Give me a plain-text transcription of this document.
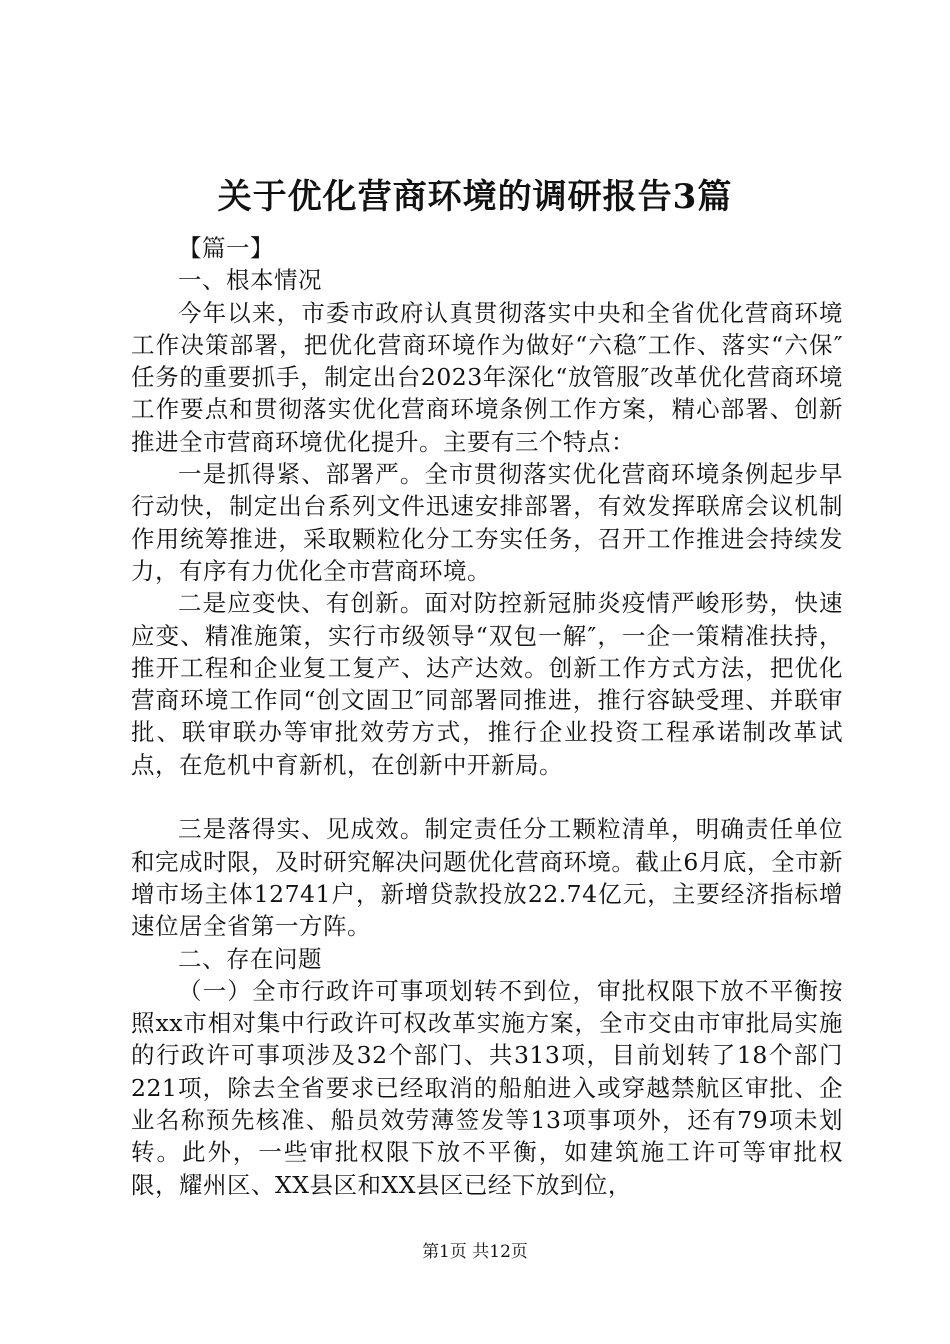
关于优化营商环境的调研报告3篇

【篇一】

一、根本情况

今年以来，市委市政府认真贯彻落实中央和全省优化营商环境工作决策部署，把优化营商环境作为做好“六稳″工作、落实“六保″任务的重要抓手，制定出台2023年深化“放管服″改革优化营商环境工作要点和贯彻落实优化营商环境条例工作方案，精心部署、创新推进全市营商环境优化提升。主要有三个特点：

一是抓得紧、部署严。全市贯彻落实优化营商环境条例起步早行动快，制定出台系列文件迅速安排部署，有效发挥联席会议机制作用统筹推进，采取颗粒化分工夯实任务，召开工作推进会持续发力，有序有力优化全市营商环境。

二是应变快、有创新。面对防控新冠肺炎疫情严峻形势，快速应变、精准施策，实行市级领导“双包一解″，一企一策精准扶持，推开工程和企业复工复产、达产达效。创新工作方式方法，把优化营商环境工作同“创文固卫″同部署同推进，推行容缺受理、并联审批、联审联办等审批效劳方式，推行企业投资工程承诺制改革试点，在危机中育新机，在创新中开新局。

三是落得实、见成效。制定责任分工颗粒清单，明确责任单位和完成时限，及时研究解决问题优化营商环境。截止6月底，全市新增市场主体12741户，新增贷款投放22.74亿元，主要经济指标增速位居全省第一方阵。

二、存在问题

（一）全市行政许可事项划转不到位，审批权限下放不平衡按照xx市相对集中行政许可权改革实施方案，全市交由市审批局实施的行政许可事项涉及32个部门、共313项，目前划转了18个部门221项，除去全省要求已经取消的船舶进入或穿越禁航区审批、企业名称预先核准、船员效劳薄签发等13项事项外，还有79项未划转。此外，一些审批权限下放不平衡，如建筑施工许可等审批权限，耀州区、XX县区和XX县区已经下放到位，

第1页 共12页
